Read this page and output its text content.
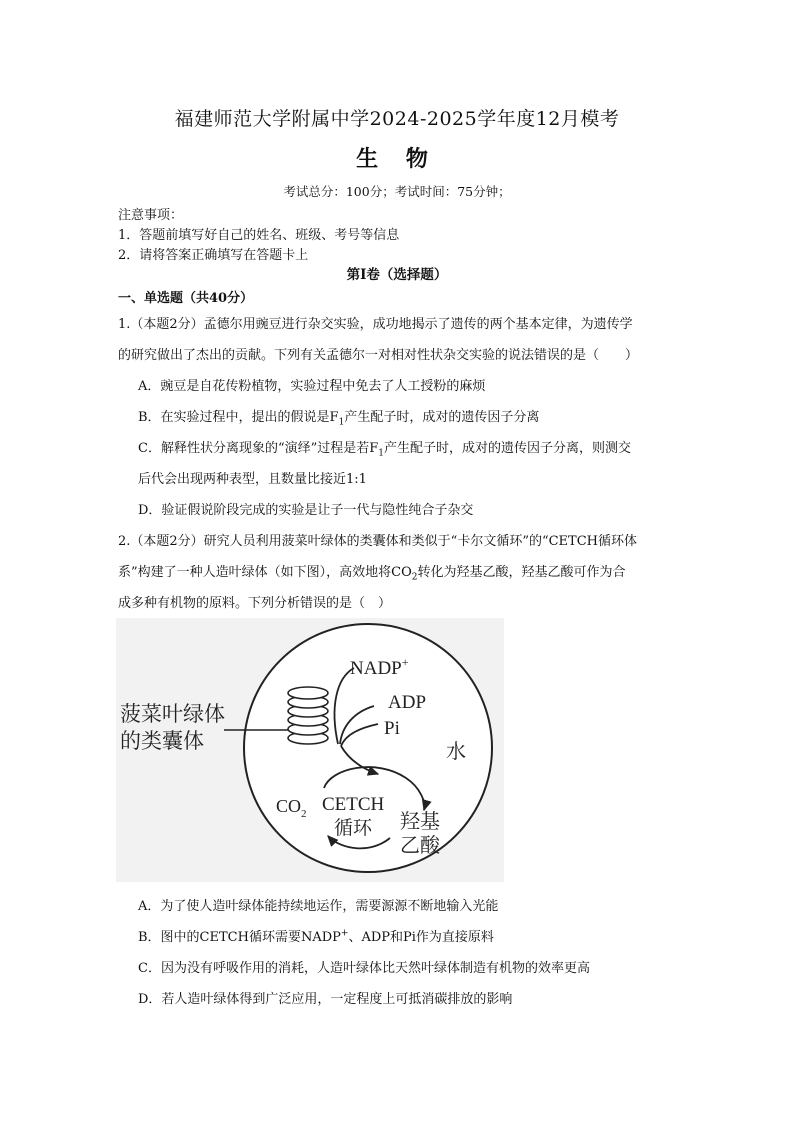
福建师范大学附属中学2024-2025学年度12月模考
生 物
考试总分：100分；考试时间：75分钟；
注意事项：
1．答题前填写好自己的姓名、班级、考号等信息
2．请将答案正确填写在答题卡上
第Ⅰ卷（选择题）
一、单选题（共40分）
1.（本题2分）孟德尔用豌豆进行杂交实验，成功地揭示了遗传的两个基本定律，为遗传学
的研究做出了杰出的贡献。下列有关孟德尔一对相对性状杂交实验的说法错误的是（　　）
A．豌豆是自花传粉植物，实验过程中免去了人工授粉的麻烦
B．在实验过程中，提出的假说是$F_1$产生配子时，成对的遗传因子分离
C．解释性状分离现象的“演绎”过程是若$F_1$产生配子时，成对的遗传因子分离，则测交
后代会出现两种表型，且数量比接近1:1
D．验证假说阶段完成的实验是让子一代与隐性纯合子杂交
2.（本题2分）研究人员利用菠菜叶绿体的类囊体和类似于“卡尔文循环”的“CETCH循环体
系”构建了一种人造叶绿体（如下图），高效地将$CO_2$转化为羟基乙酸，羟基乙酸可作为合
成多种有机物的原料。下列分析错误的是（　）
菠菜叶绿体
的类囊体
NADP+
ADP
Pi
水
$CO_2$ CETCH
循环 羟基
乙酸
A．为了使人造叶绿体能持续地运作，需要源源不断地输入光能
B．图中的CETCH循环需要NADP+、ADP和Pi作为直接原料
C．因为没有呼吸作用的消耗，人造叶绿体比天然叶绿体制造有机物的效率更高
D．若人造叶绿体得到广泛应用，一定程度上可抵消碳排放的影响
